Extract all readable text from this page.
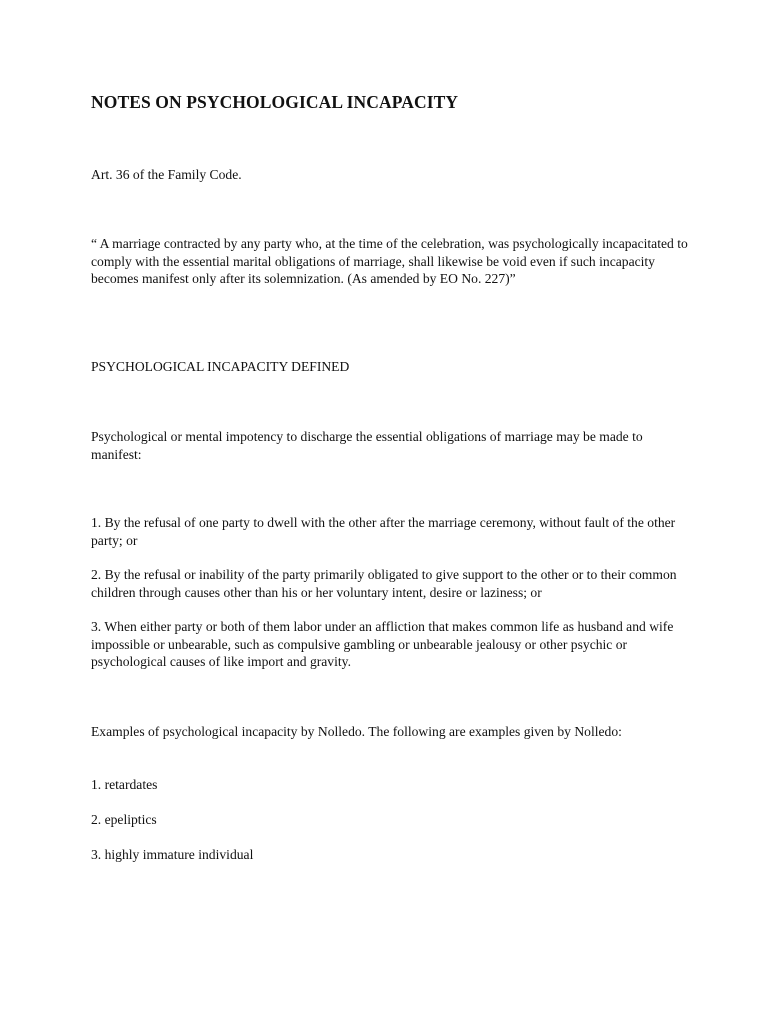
NOTES ON PSYCHOLOGICAL INCAPACITY

Art. 36 of the Family Code.

“ A marriage contracted by any party who, at the time of the celebration, was psychologically incapacitated to comply with the essential marital obligations of marriage, shall likewise be void even if such incapacity becomes manifest only after its solemnization. (As amended by EO No. 227)”

PSYCHOLOGICAL INCAPACITY DEFINED

Psychological or mental impotency to discharge the essential obligations of marriage may be made to manifest:

1. By the refusal of one party to dwell with the other after the marriage ceremony, without fault of the other party; or

2. By the refusal or inability of the party primarily obligated to give support to the other or to their common children through causes other than his or her voluntary intent, desire or laziness; or

3. When either party or both of them labor under an affliction that makes common life as husband and wife impossible or unbearable, such as compulsive gambling or unbearable jealousy or other psychic or psychological causes of like import and gravity.

Examples of psychological incapacity by Nolledo. The following are examples given by Nolledo:

1. retardates

2. epeliptics

3. highly immature individual
